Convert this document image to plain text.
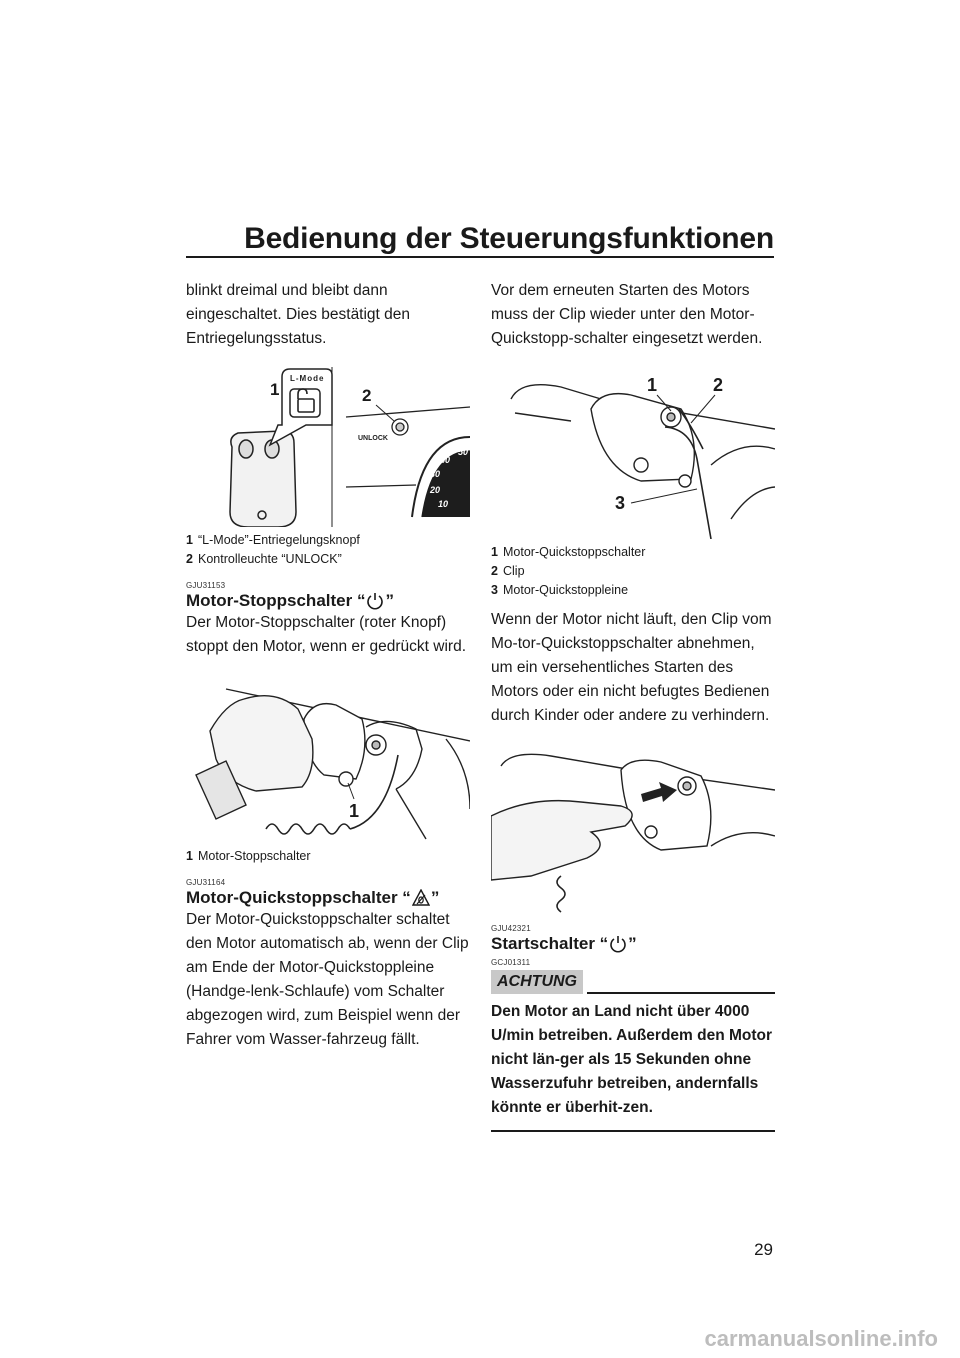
Bedienung der Steuerungsfunktionen

blinkt dreimal und bleibt dann eingeschaltet. Dies bestätigt den Entriegelungsstatus.

L-Mode
1
UNLOCK
2
10
20
30
40
50
1 “L-Mode”-Entriegelungsknopf
2 Kontrolleuchte “UNLOCK”

GJU31153

Motor-Stoppschalter “ ”

Der Motor-Stoppschalter (roter Knopf) stoppt den Motor, wenn er gedrückt wird.

1
1 Motor-Stoppschalter

GJU31164

Motor-Quickstoppschalter “ ”

Der Motor-Quickstoppschalter schaltet den Motor automatisch ab, wenn der Clip am Ende der Motor-Quickstoppleine (Handge-lenk-Schlaufe) vom Schalter abgezogen wird, zum Beispiel wenn der Fahrer vom Wasser-fahrzeug fällt.

Vor dem erneuten Starten des Motors muss der Clip wieder unter den Motor-Quickstopp-schalter eingesetzt werden.

1	2
3
1 Motor-Quickstoppschalter
2 Clip
3 Motor-Quickstoppleine

Wenn der Motor nicht läuft, den Clip vom Mo-tor-Quickstoppschalter abnehmen, um ein versehentliches Starten des Motors oder ein nicht befugtes Bedienen durch Kinder oder andere zu verhindern.

GJU42321

Startschalter “ ”

GCJ01311

ACHTUNG

Den Motor an Land nicht über 4000 U/min betreiben. Außerdem den Motor nicht län-ger als 15 Sekunden ohne Wasserzufuhr betreiben, andernfalls könnte er überhit-zen.

29
carmanualsonline.info
